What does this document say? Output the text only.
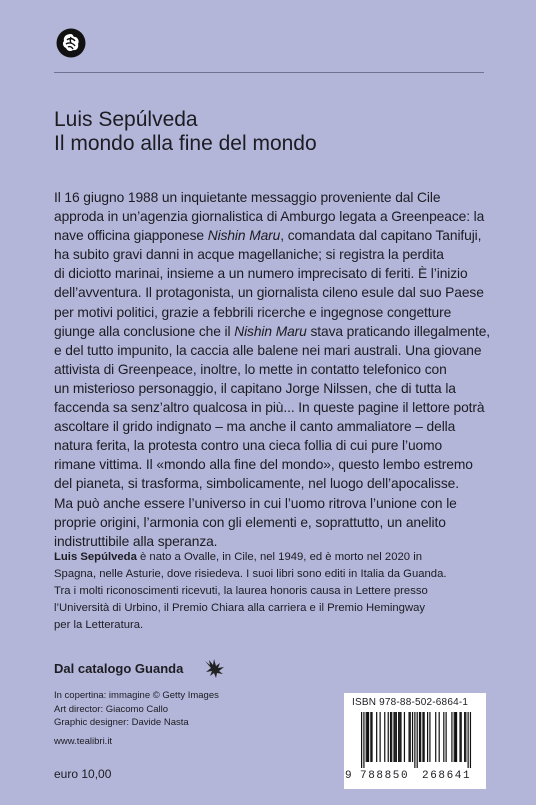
Luis Sepúlveda
Il mondo alla fine del mondo

Il 16 giugno 1988 un inquietante messaggio proveniente dal Cile

approda in un’agenzia giornalistica di Amburgo legata a Greenpeace: la

nave officina giapponese Nishin Maru, comandata dal capitano Tanifuji,

ha subito gravi danni in acque magellaniche; si registra la perdita

di diciotto marinai, insieme a un numero imprecisato di feriti. È l’inizio

dell’avventura. Il protagonista, un giornalista cileno esule dal suo Paese

per motivi politici, grazie a febbrili ricerche e ingegnose congetture

giunge alla conclusione che il Nishin Maru stava praticando illegalmente,

e del tutto impunito, la caccia alle balene nei mari australi. Una giovane

attivista di Greenpeace, inoltre, lo mette in contatto telefonico con

un misterioso personaggio, il capitano Jorge Nilssen, che di tutta la

faccenda sa senz’altro qualcosa in più... In queste pagine il lettore potrà

ascoltare il grido indignato – ma anche il canto ammaliatore – della

natura ferita, la protesta contro una cieca follia di cui pure l’uomo

rimane vittima. Il «mondo alla fine del mondo», questo lembo estremo

del pianeta, si trasforma, simbolicamente, nel luogo dell’apocalisse.

Ma può anche essere l’universo in cui l’uomo ritrova l’unione con le

proprie origini, l’armonia con gli elementi e, soprattutto, un anelito

indistruttibile alla speranza.

Luis Sepúlveda è nato a Ovalle, in Cile, nel 1949, ed è morto nel 2020 in

Spagna, nelle Asturie, dove risiedeva. I suoi libri sono editi in Italia da Guanda.

Tra i molti riconoscimenti ricevuti, la laurea honoris causa in Lettere presso

l’Università di Urbino, il Premio Chiara alla carriera e il Premio Hemingway

per la Letteratura.

Dal catalogo Guanda
In copertina: immagine © Getty Images
Art director: Giacomo Callo
Graphic designer: Davide Nasta
www.tealibri.it
euro 10,00
ISBN 978-88-502-6864-1
9 788850 268641
